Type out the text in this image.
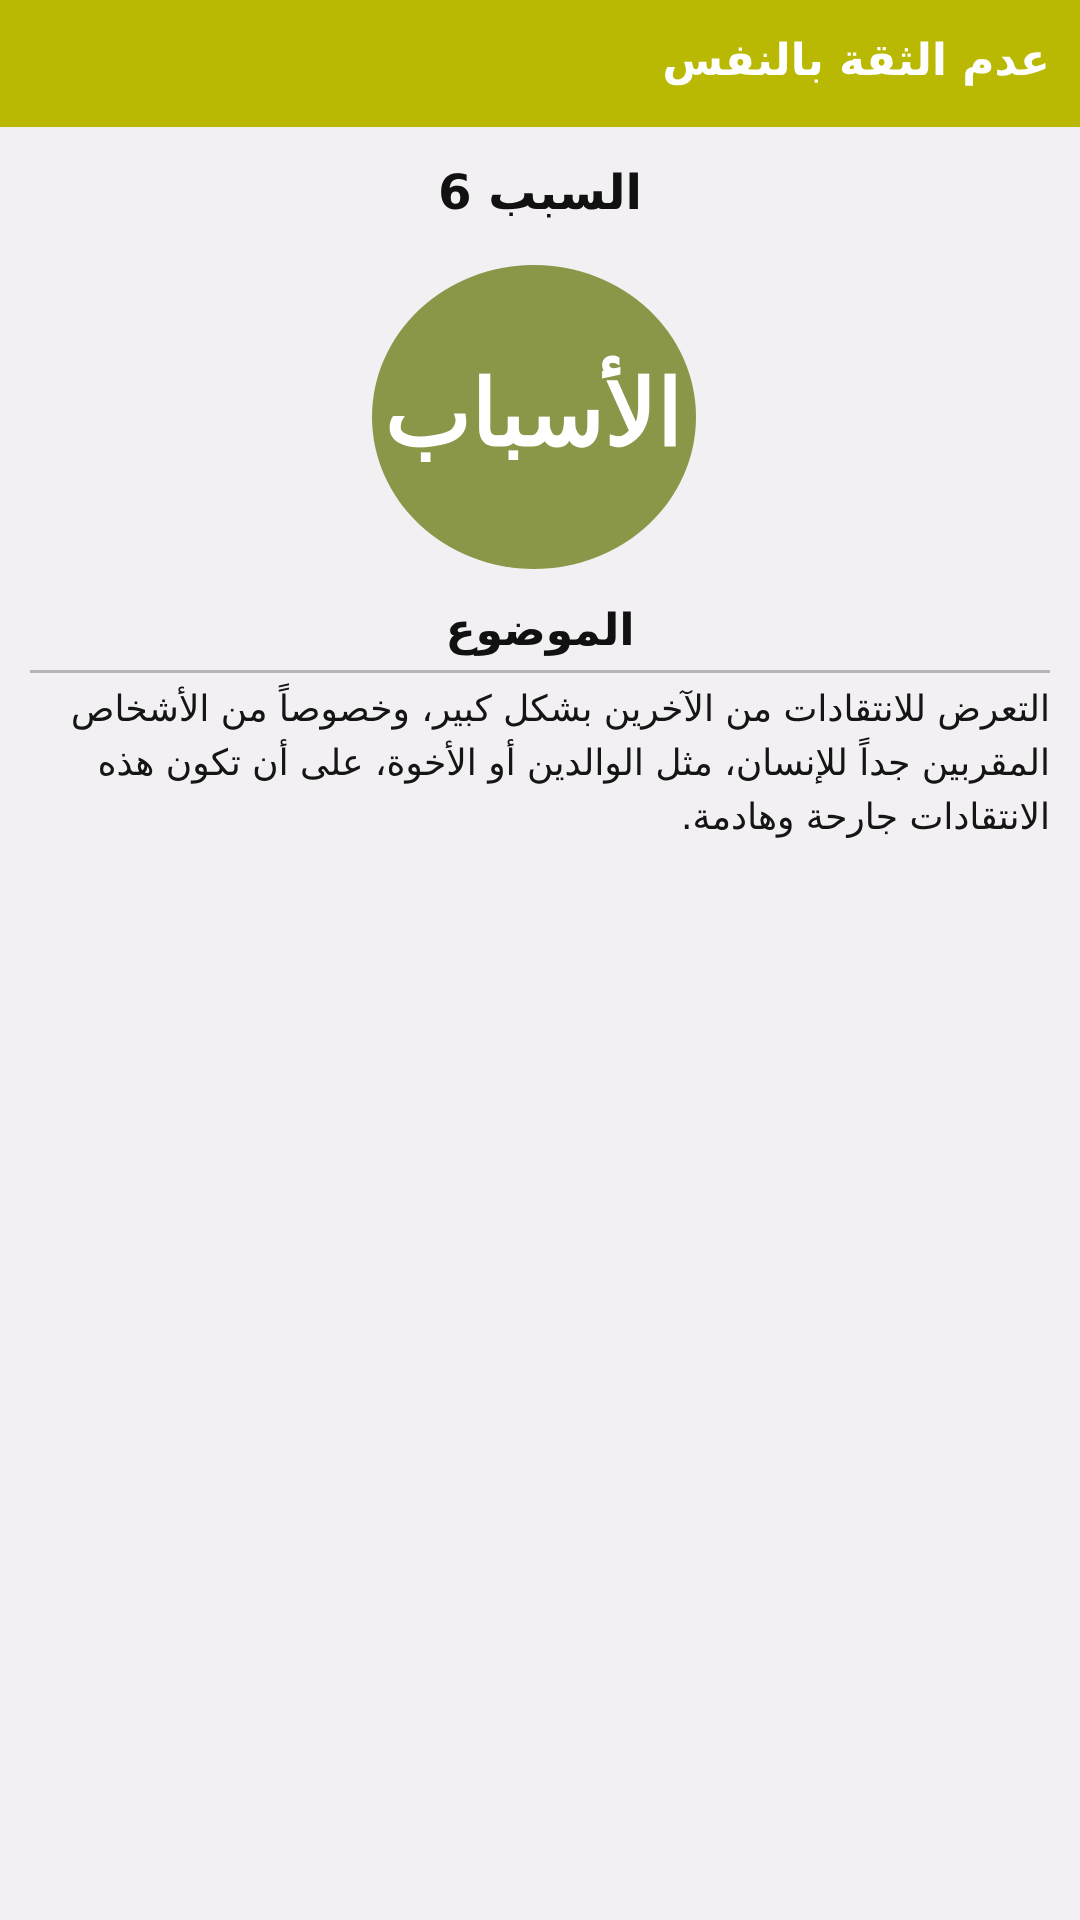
عدم الثقة بالنفس
السبب 6
الأسباب
الموضوع
التعرض للانتقادات من الآخرين بشكل كبير، وخصوصاً من الأشخاص المقربين جداً للإنسان، مثل الوالدين أو الأخوة، على أن تكون هذه الانتقادات جارحة وهادمة.
